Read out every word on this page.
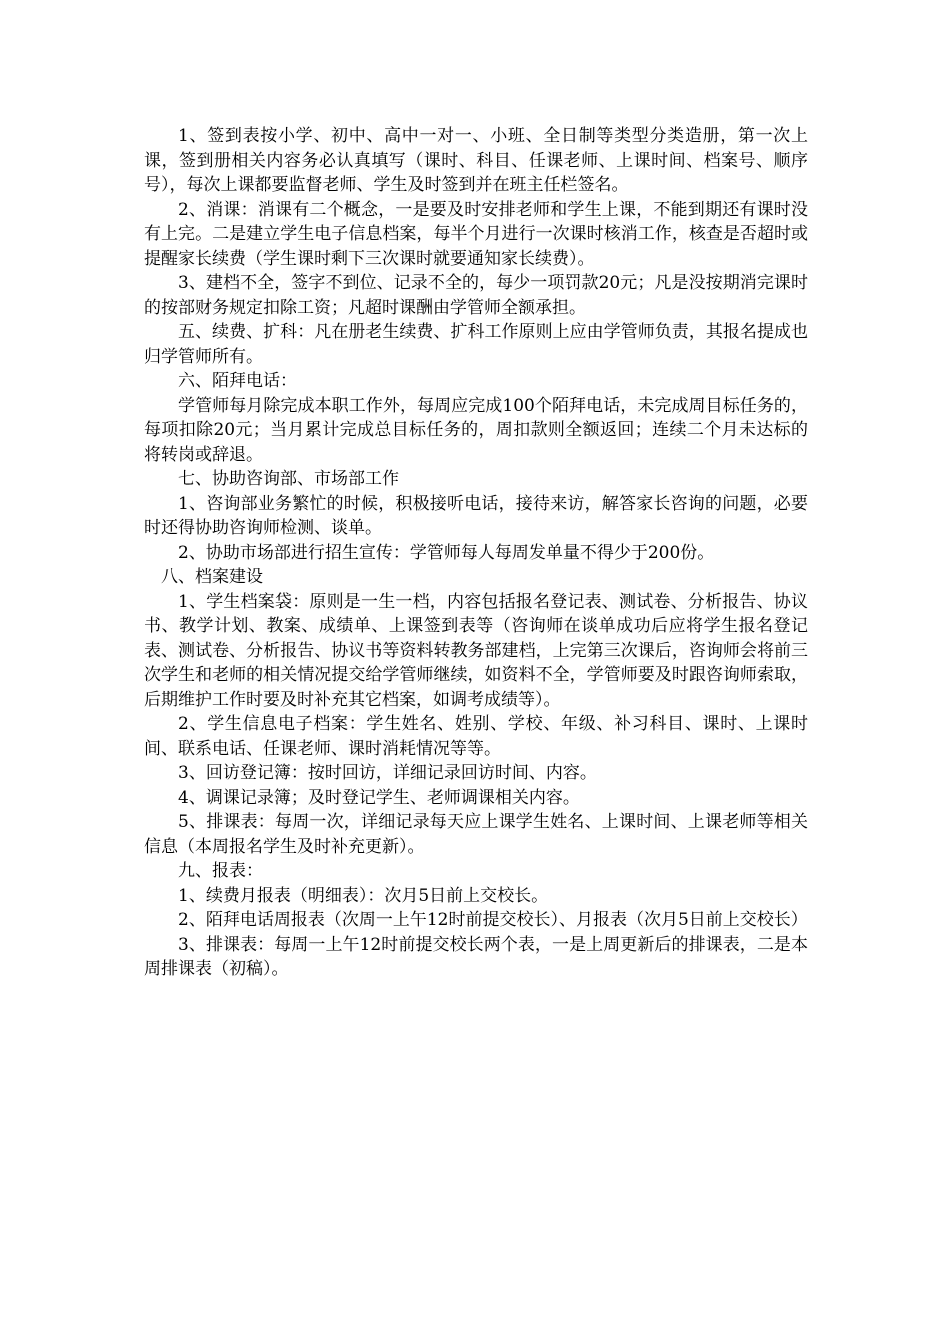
1、签到表按小学、初中、高中一对一、小班、全日制等类型分类造册，第一次上课，签到册相关内容务必认真填写（课时、科目、任课老师、上课时间、档案号、顺序号），每次上课都要监督老师、学生及时签到并在班主任栏签名。

2、消课：消课有二个概念，一是要及时安排老师和学生上课，不能到期还有课时没有上完。二是建立学生电子信息档案，每半个月进行一次课时核消工作，核查是否超时或提醒家长续费（学生课时剩下三次课时就要通知家长续费）。

3、建档不全，签字不到位、记录不全的，每少一项罚款20元；凡是没按期消完课时的按部财务规定扣除工资；凡超时课酬由学管师全额承担。

五、续费、扩科：凡在册老生续费、扩科工作原则上应由学管师负责，其报名提成也归学管师所有。

六、陌拜电话：

学管师每月除完成本职工作外，每周应完成100个陌拜电话，未完成周目标任务的，每项扣除20元；当月累计完成总目标任务的，周扣款则全额返回；连续二个月未达标的将转岗或辞退。

七、协助咨询部、市场部工作

1、咨询部业务繁忙的时候，积极接听电话，接待来访，解答家长咨询的问题，必要时还得协助咨询师检测、谈单。

2、协助市场部进行招生宣传：学管师每人每周发单量不得少于200份。

八、档案建设

1、学生档案袋：原则是一生一档，内容包括报名登记表、测试卷、分析报告、协议书、教学计划、教案、成绩单、上课签到表等（咨询师在谈单成功后应将学生报名登记表、测试卷、分析报告、协议书等资料转教务部建档，上完第三次课后，咨询师会将前三次学生和老师的相关情况提交给学管师继续，如资料不全，学管师要及时跟咨询师索取，后期维护工作时要及时补充其它档案，如调考成绩等）。

2、学生信息电子档案：学生姓名、姓别、学校、年级、补习科目、课时、上课时间、联系电话、任课老师、课时消耗情况等等。

3、回访登记簿：按时回访，详细记录回访时间、内容。

4、调课记录簿；及时登记学生、老师调课相关内容。

5、排课表：每周一次，详细记录每天应上课学生姓名、上课时间、上课老师等相关信息（本周报名学生及时补充更新）。

九、报表：

1、续费月报表（明细表）：次月5日前上交校长。

2、陌拜电话周报表（次周一上午12时前提交校长）、月报表（次月5日前上交校长）

3、排课表：每周一上午12时前提交校长两个表，一是上周更新后的排课表，二是本周排课表（初稿）。
